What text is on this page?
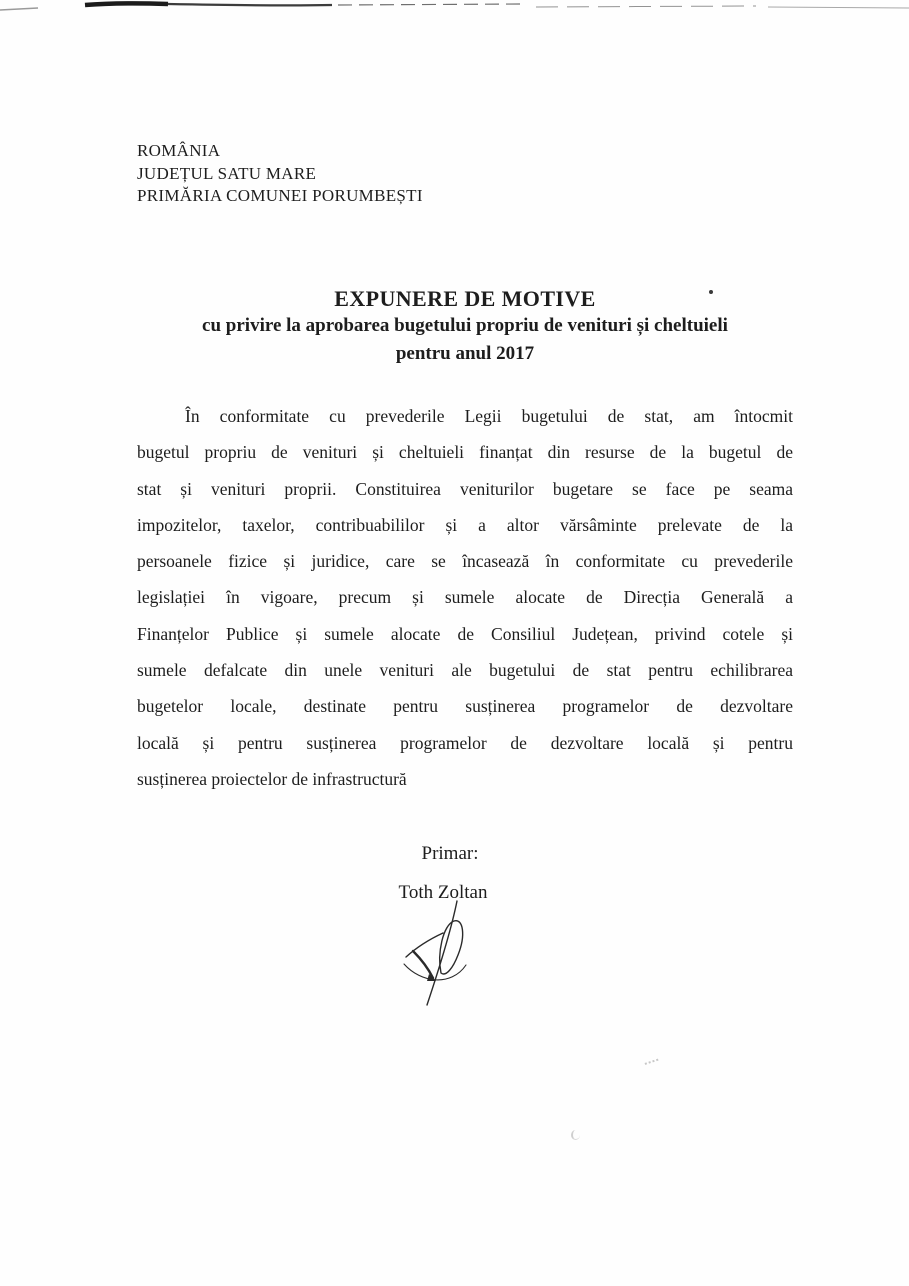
ROMÂNIA
JUDEȚUL SATU MARE
PRIMĂRIA COMUNEI PORUMBEȘTI
EXPUNERE DE MOTIVE
cu privire la aprobarea bugetului propriu de venituri și cheltuieli
pentru anul 2017
În conformitate cu prevederile Legii bugetului de stat, am întocmit
bugetul propriu de venituri și cheltuieli finanțat din resurse de la bugetul de
stat și venituri proprii. Constituirea veniturilor bugetare se face pe seama
impozitelor, taxelor, contribuabililor și a altor vărsâminte prelevate de la
persoanele fizice și juridice, care se încasează în conformitate cu prevederile
legislației în vigoare, precum și sumele alocate de Direcția Generală a
Finanțelor Publice și sumele alocate de Consiliul Județean, privind cotele și
sumele defalcate din unele venituri ale bugetului de stat pentru echilibrarea
bugetelor locale, destinate pentru susținerea programelor de dezvoltare
locală și pentru susținerea programelor de dezvoltare locală și pentru
susținerea proiectelor de infrastructură
Primar:
Toth Zoltan
